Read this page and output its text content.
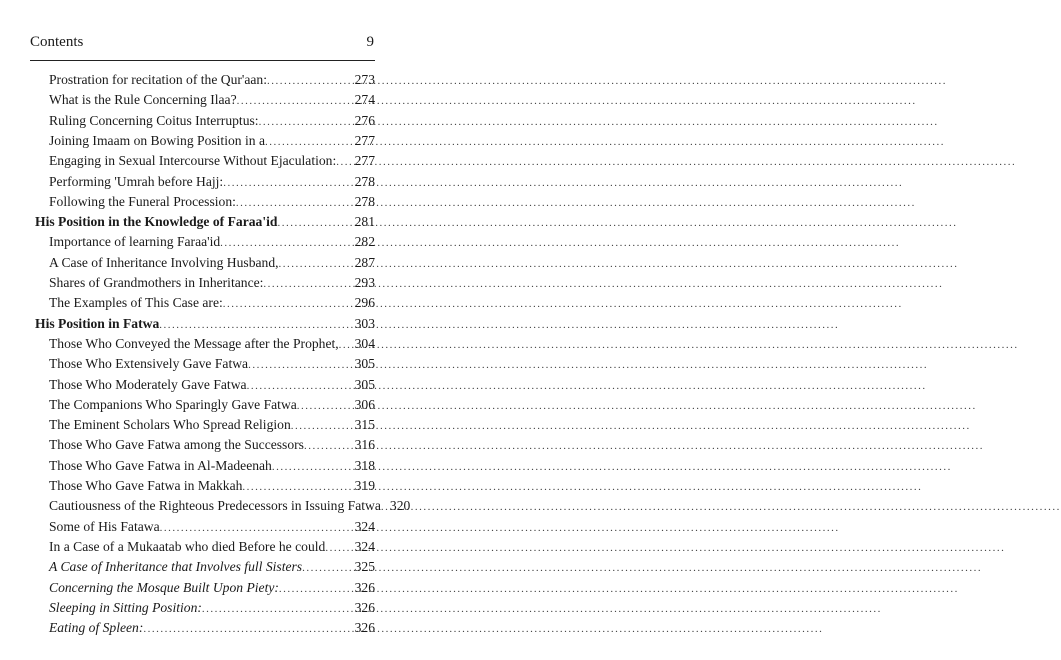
Contents	9
Prostration for recitation of the Qur'aan: .....	273
What is the Rule Concerning Ilaa? .....	274
Ruling Concerning Coitus Interruptus: .....	276
Joining Imaam on Bowing Position in a .....	277
Engaging in Sexual Intercourse Without Ejaculation: ..... 277
Performing 'Umrah before Hajj: .....	278
Following the Funeral Procession: .....	278
His Position in the Knowledge of Faraa'id .....	281
Importance of learning Faraa'id .....	282
A Case of Inheritance Involving Husband, .....	287
Shares of Grandmothers in Inheritance: .....	293
The Examples of This Case are: .....	296
His Position in Fatwa .....	303
Those Who Conveyed the Message after the Prophet, ..... 304
Those Who Extensively Gave Fatwa .....	305
Those Who Moderately Gave Fatwa .....	305
The Companions Who Sparingly Gave Fatwa .....	306
The Eminent Scholars Who Spread Religion .....	315
Those Who Gave Fatwa among the Successors .....	316
Those Who Gave Fatwa in Al-Madeenah .....	318
Those Who Gave Fatwa in Makkah .....	319
Cautiousness of the Righteous Predecessors in Issuing Fatwa ..... 320
Some of His Fatawa .....	324
In a Case of a Mukaatab who died Before he could ..... 324
A Case of Inheritance that Involves full Sisters .....	325
Concerning the Mosque Built Upon Piety: .....	326
Sleeping in Sitting Position: .....	326
Eating of Spleen: .....	326
